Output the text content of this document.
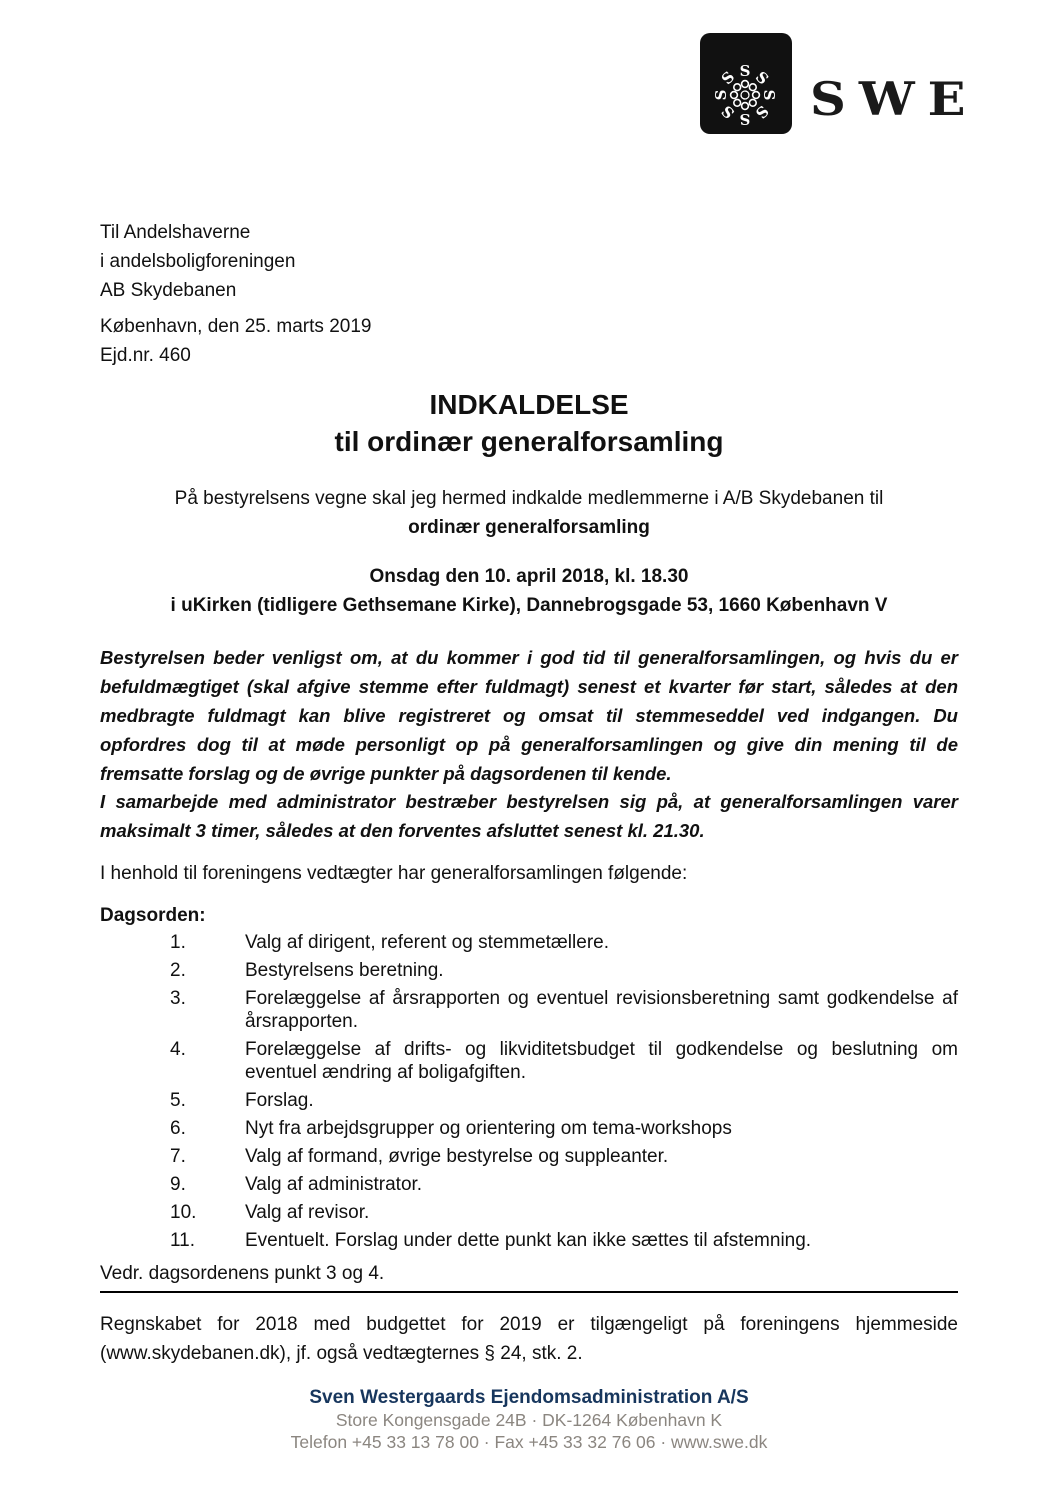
S S
S
S
S
S
S
S SWE
Til Andelshaverne
i andelsboligforeningen
AB Skydebanen
København, den 25. marts 2019
Ejd.nr. 460
INDKALDELSE
til ordinær generalforsamling
På bestyrelsens vegne skal jeg hermed indkalde medlemmerne i A/B Skydebanen til
ordinær generalforsamling
Onsdag den 10. april 2018, kl. 18.30
i uKirken (tidligere Gethsemane Kirke), Dannebrogsgade 53, 1660 København V
Bestyrelsen beder venligst om, at du kommer i god tid til generalforsamlingen, og hvis du er befuldmægtiget (skal afgive stemme efter fuldmagt) senest et kvarter før start, således at den medbragte fuldmagt kan blive registreret og omsat til stemmeseddel ved indgangen. Du opfordres dog til at møde personligt op på generalforsamlingen og give din mening til de fremsatte forslag og de øvrige punkter på dagsordenen til kende.
I samarbejde med administrator bestræber bestyrelsen sig på, at generalforsamlingen varer maksimalt 3 timer, således at den forventes afsluttet senest kl. 21.30.
I henhold til foreningens vedtægter har generalforsamlingen følgende:
Dagsorden:
1.	Valg af dirigent, referent og stemmetællere.
2.	Bestyrelsens beretning.
3.	Forelæggelse af årsrapporten og eventuel revisionsberetning samt godkendelse af årsrapporten.
4.	Forelæggelse af drifts- og likviditetsbudget til godkendelse og beslutning om eventuel ændring af boligafgiften.
5.	Forslag.
6.	Nyt fra arbejdsgrupper og orientering om tema-workshops
7.	Valg af formand, øvrige bestyrelse og suppleanter.
9.	Valg af administrator.
10.	Valg af revisor.
11.	Eventuelt. Forslag under dette punkt kan ikke sættes til afstemning.
Vedr. dagsordenens punkt 3 og 4.
Regnskabet for 2018 med budgettet for 2019 er tilgængeligt på foreningens hjemmeside (www.skydebanen.dk), jf. også vedtægternes § 24, stk. 2.
Sven Westergaards Ejendomsadministration A/S
Store Kongensgade 24B · DK-1264 København K
Telefon +45 33 13 78 00 · Fax +45 33 32 76 06 · www.swe.dk
